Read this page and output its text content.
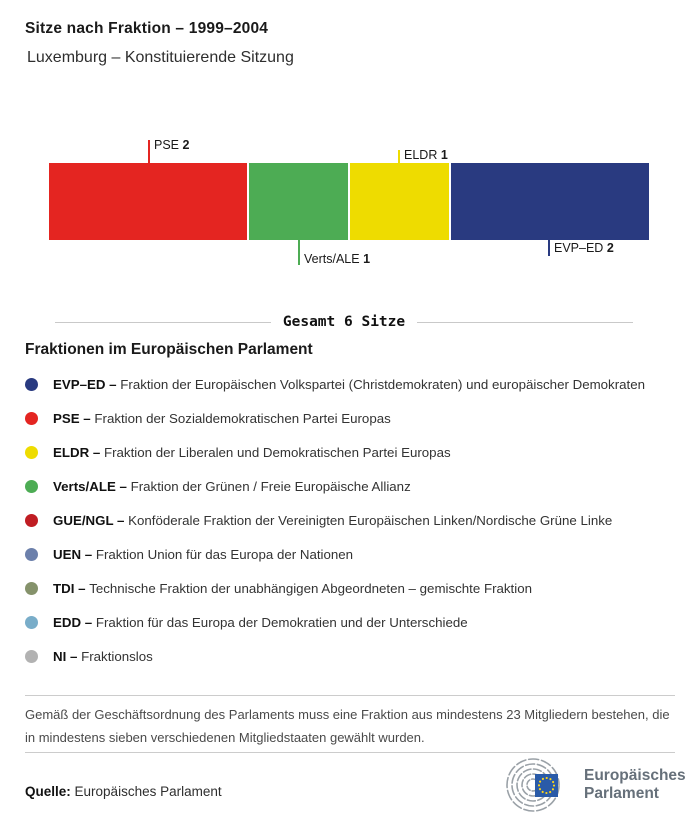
Sitze nach Fraktion – 1999–2004
Luxemburg – Konstituierende Sitzung
PSE 2
Verts/ALE 1
ELDR 1
EVP–ED 2
Gesamt 6 Sitze
Fraktionen im Europäischen Parlament
EVP–ED – Fraktion der Europäischen Volkspartei (Christdemokraten) und europäischer Demokraten
PSE – Fraktion der Sozialdemokratischen Partei Europas
ELDR – Fraktion der Liberalen und Demokratischen Partei Europas
Verts/ALE – Fraktion der Grünen / Freie Europäische Allianz
GUE/NGL – Konföderale Fraktion der Vereinigten Europäischen Linken/Nordische Grüne Linke
UEN – Fraktion Union für das Europa der Nationen
TDI – Technische Fraktion der unabhängigen Abgeordneten – gemischte Fraktion
EDD – Fraktion für das Europa der Demokratien und der Unterschiede
NI – Fraktionslos
Gemäß der Geschäftsordnung des Parlaments muss eine Fraktion aus mindestens 23 Mitgliedern bestehen, die in mindestens sieben verschiedenen Mitgliedstaaten gewählt wurden.
Quelle: Europäisches Parlament
Europäisches
Parlament
